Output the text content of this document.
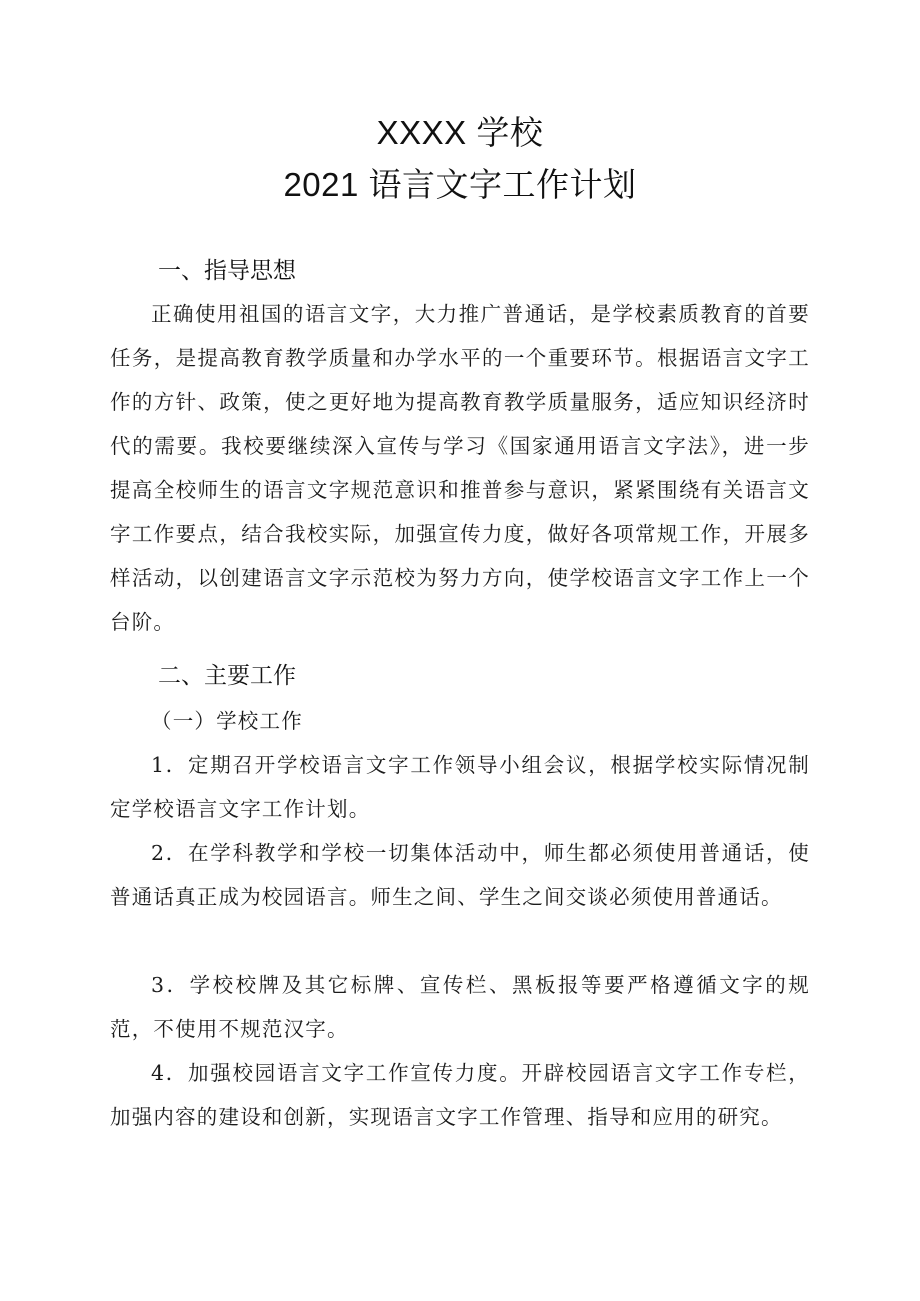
XXXX 学校
2021 语言文字工作计划
一、指导思想

正确使用祖国的语言文字，大力推广普通话，是学校素质教育的首要任务，是提高教育教学质量和办学水平的一个重要环节。根据语言文字工作的方针、政策，使之更好地为提高教育教学质量服务，适应知识经济时代的需要。我校要继续深入宣传与学习《国家通用语言文字法》，进一步提高全校师生的语言文字规范意识和推普参与意识，紧紧围绕有关语言文字工作要点，结合我校实际，加强宣传力度，做好各项常规工作，开展多样活动，以创建语言文字示范校为努力方向，使学校语言文字工作上一个台阶。

二、主要工作
（一）学校工作

1．定期召开学校语言文字工作领导小组会议，根据学校实际情况制定学校语言文字工作计划。

2．在学科教学和学校一切集体活动中，师生都必须使用普通话，使普通话真正成为校园语言。师生之间、学生之间交谈必须使用普通话。

3．学校校牌及其它标牌、宣传栏、黑板报等要严格遵循文字的规范，不使用不规范汉字。

4．加强校园语言文字工作宣传力度。开辟校园语言文字工作专栏，加强内容的建设和创新，实现语言文字工作管理、指导和应用的研究。
